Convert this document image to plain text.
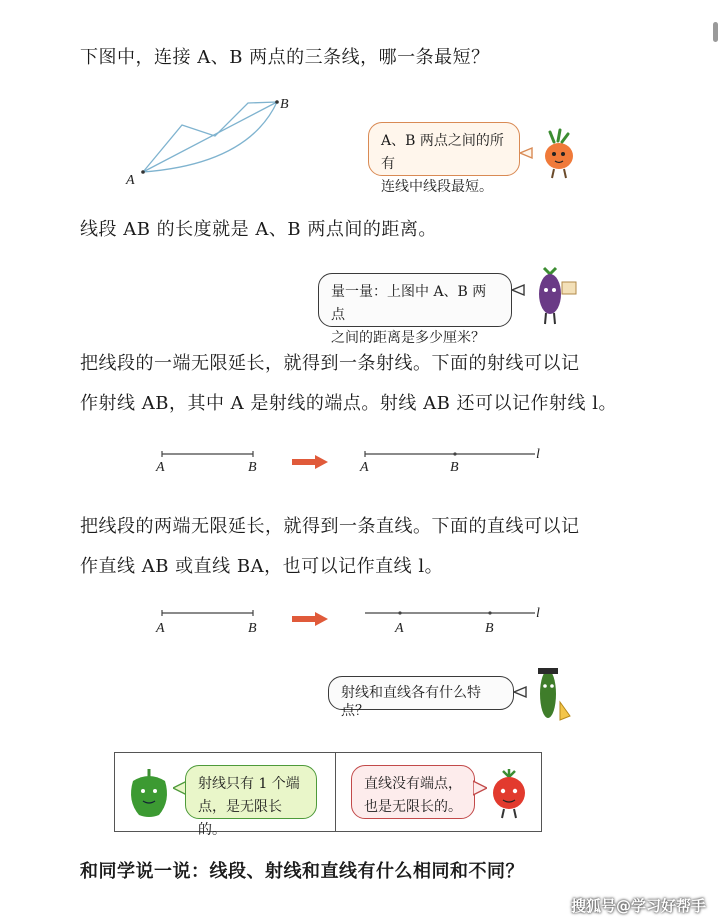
下图中，连接 A、B 两点的三条线，哪一条最短？
A
B
A、B 两点之间的所有
连线中线段最短。
线段 AB 的长度就是 A、B 两点间的距离。
量一量：上图中 A、B 两点
之间的距离是多少厘米？
把线段的一端无限延长，就得到一条射线。下面的射线可以记
作射线 AB，其中 A 是射线的端点。射线 AB 还可以记作射线 l。
A	B	A	B
l
把线段的两端无限延长，就得到一条直线。下面的直线可以记
作直线 AB 或直线 BA，也可以记作直线 l。
A	B	A	B
l
射线和直线各有什么特点？
射线只有 1 个端
点，是无限长的。
直线没有端点，
也是无限长的。
和同学说一说：线段、射线和直线有什么相同和不同？
搜狐号@学习好帮手
